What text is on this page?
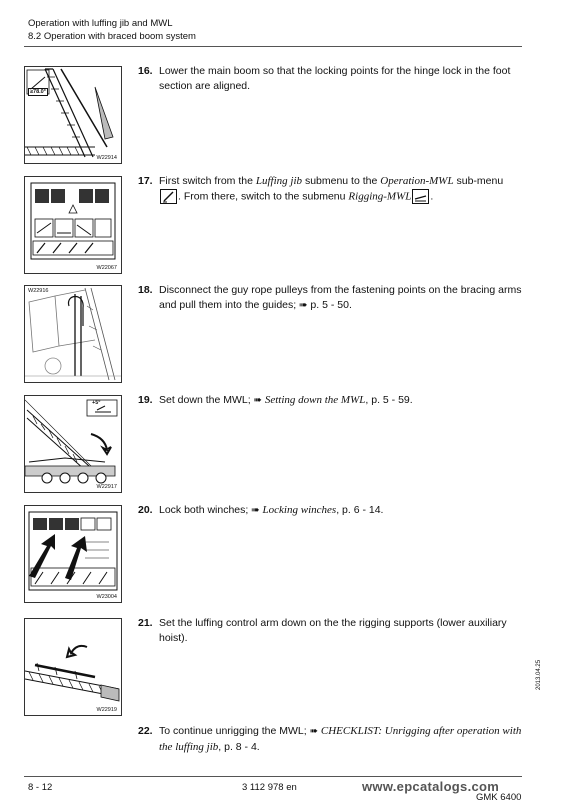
Operation with luffing jib and MWL
8.2 Operation with braced boom system
≥78.0°
W22914
16. Lower the main boom so that the locking points for the hinge lock in the foot section are aligned.
W22067
17. First switch from the Luffing jib submenu to the Operation-MWL sub-menu
. From there, switch to the submenu Rigging-MWL .
W22916	18. Disconnect the guy rope pulleys from the fastening points on the bracing arms and pull them into the guides; ➠ p. 5 - 50.
+5°
W22917
19. Set down the MWL; ➠ Setting down the MWL, p. 5 - 59.
W23004
20. Lock both winches; ➠ Locking winches, p. 6 - 14.
W22919
21. Set the luffing control arm down on the the rigging supports (lower auxiliary hoist).
22. To continue unrigging the MWL; ➠ CHECKLIST: Unrigging after operation with the luffing jib, p. 8 - 4.
2013.04.25
8 - 12	3 112 978 en	www.epcatalogs.com
GMK 6400
